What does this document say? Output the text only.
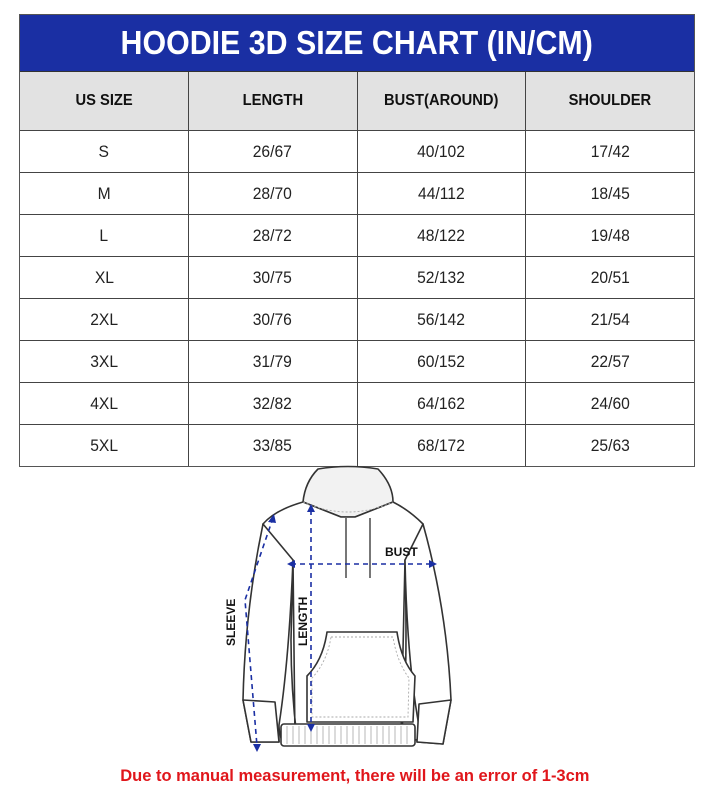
HOODIE 3D SIZE CHART (IN/CM)
US SIZE	LENGTH	BUST(AROUND)	SHOULDER
S	26/67	40/102	17/42
M	28/70	44/112	18/45
L	28/72	48/122	19/48
XL	30/75	52/132	20/51
2XL	30/76	56/142	21/54
3XL	31/79	60/152	22/57
4XL	32/82	64/162	24/60
5XL	33/85	68/172	25/63
BUST
LENGTH
SLEEVE
Due to manual measurement, there will be an error of 1-3cm
